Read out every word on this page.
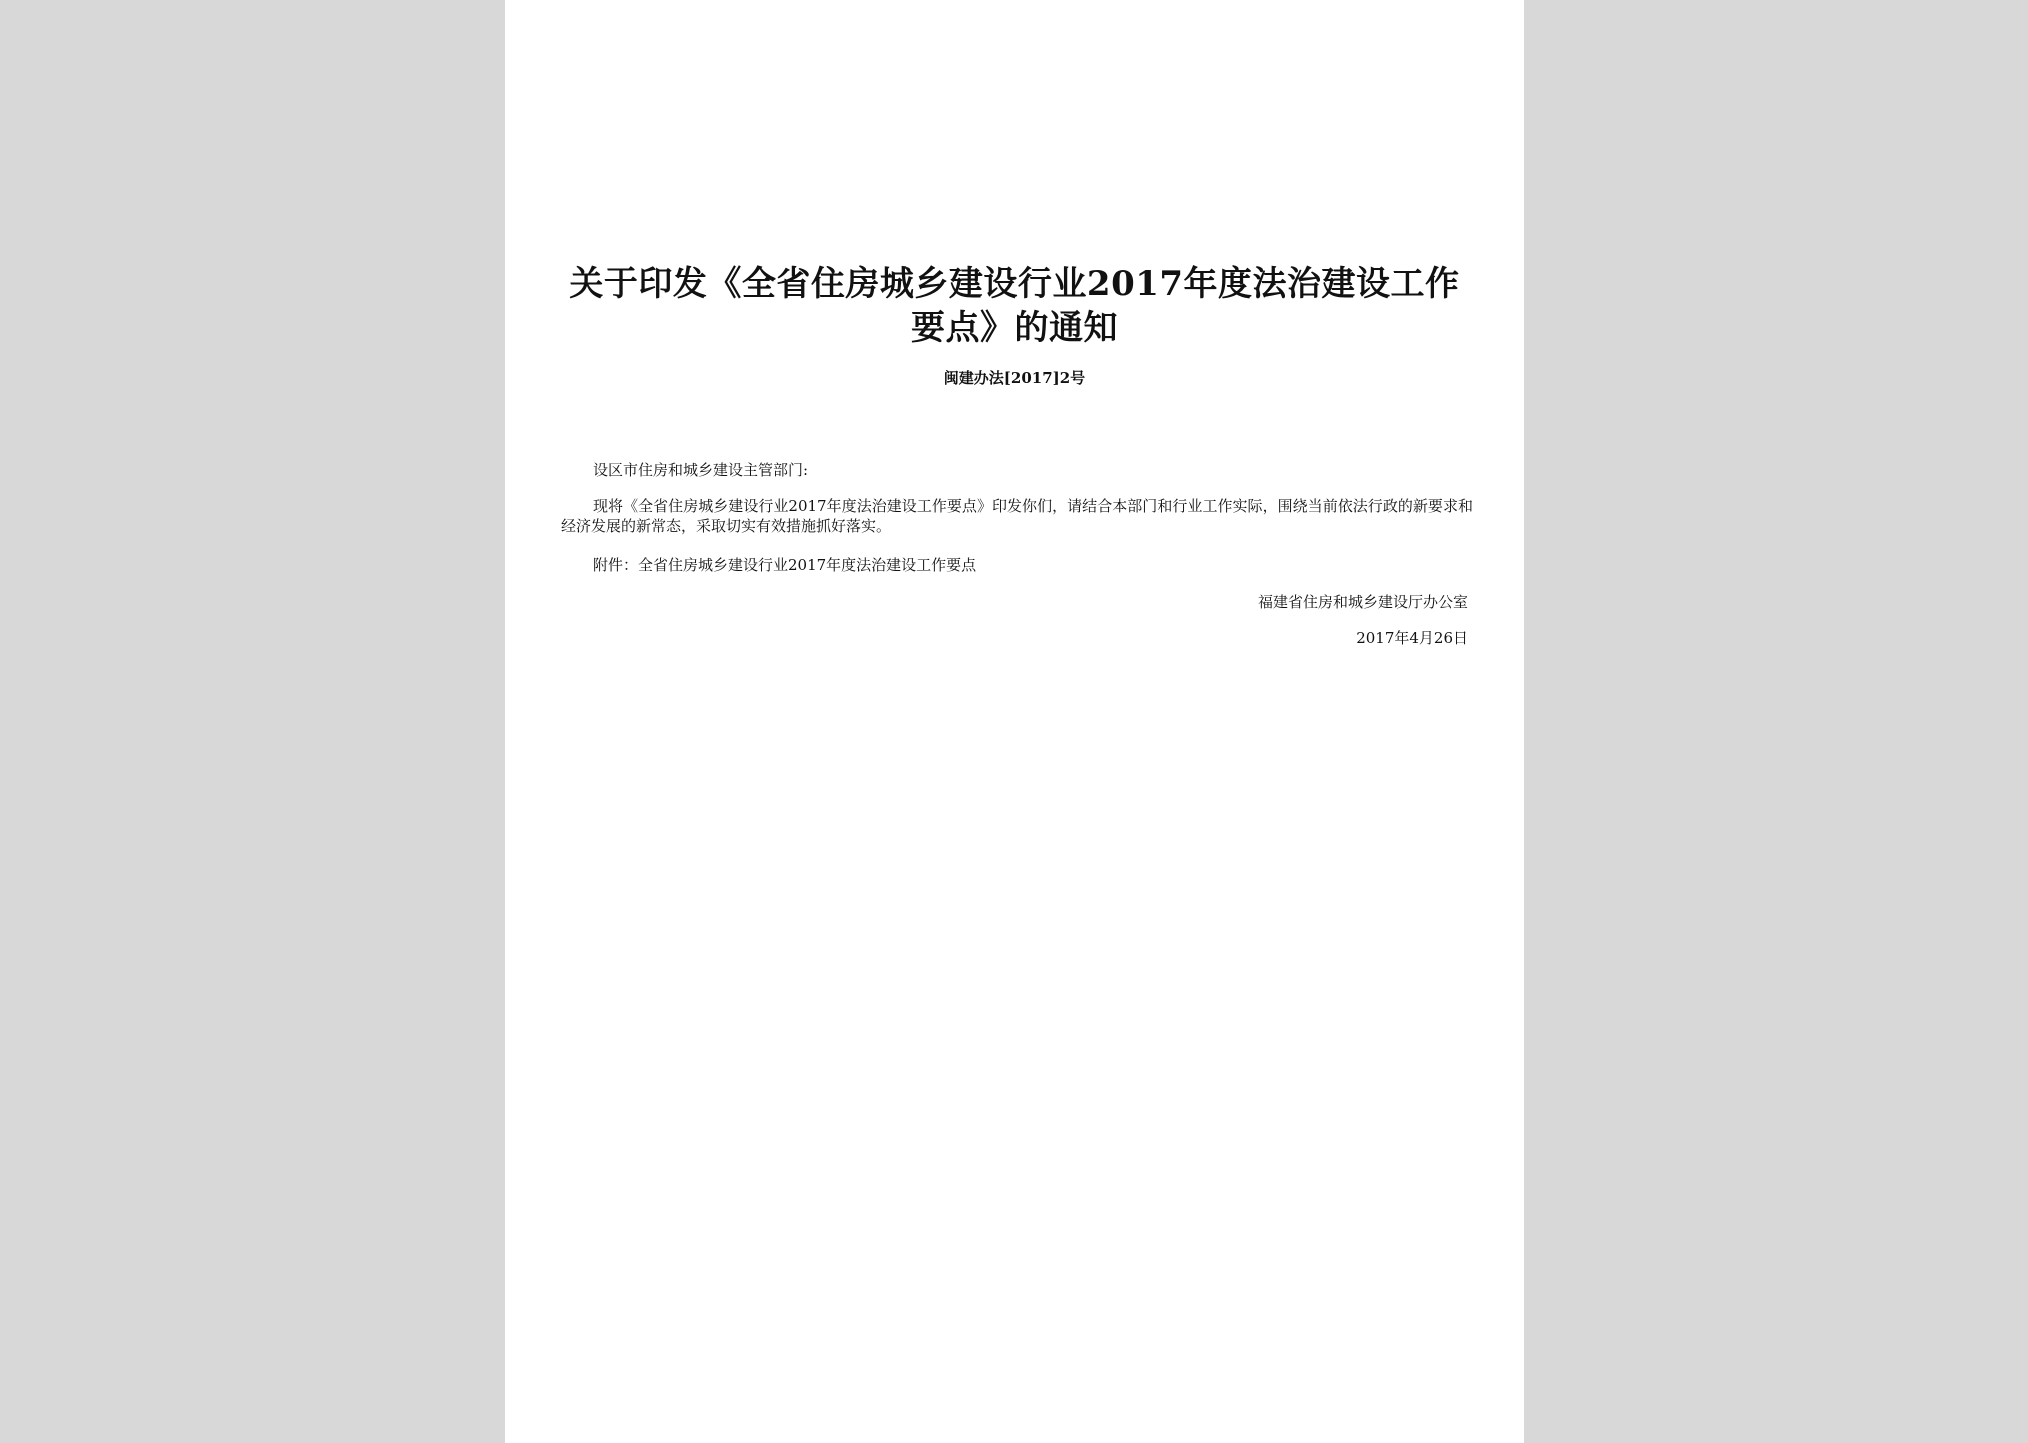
关于印发《全省住房城乡建设行业2017年度法治建设工作要点》的通知
闽建办法[2017]2号
设区市住房和城乡建设主管部门:
现将《全省住房城乡建设行业2017年度法治建设工作要点》印发你们，请结合本部门和行业工作实际，围绕当前依法行政的新要求和经济发展的新常态，采取切实有效措施抓好落实。
附件：全省住房城乡建设行业2017年度法治建设工作要点
福建省住房和城乡建设厅办公室
2017年4月26日
